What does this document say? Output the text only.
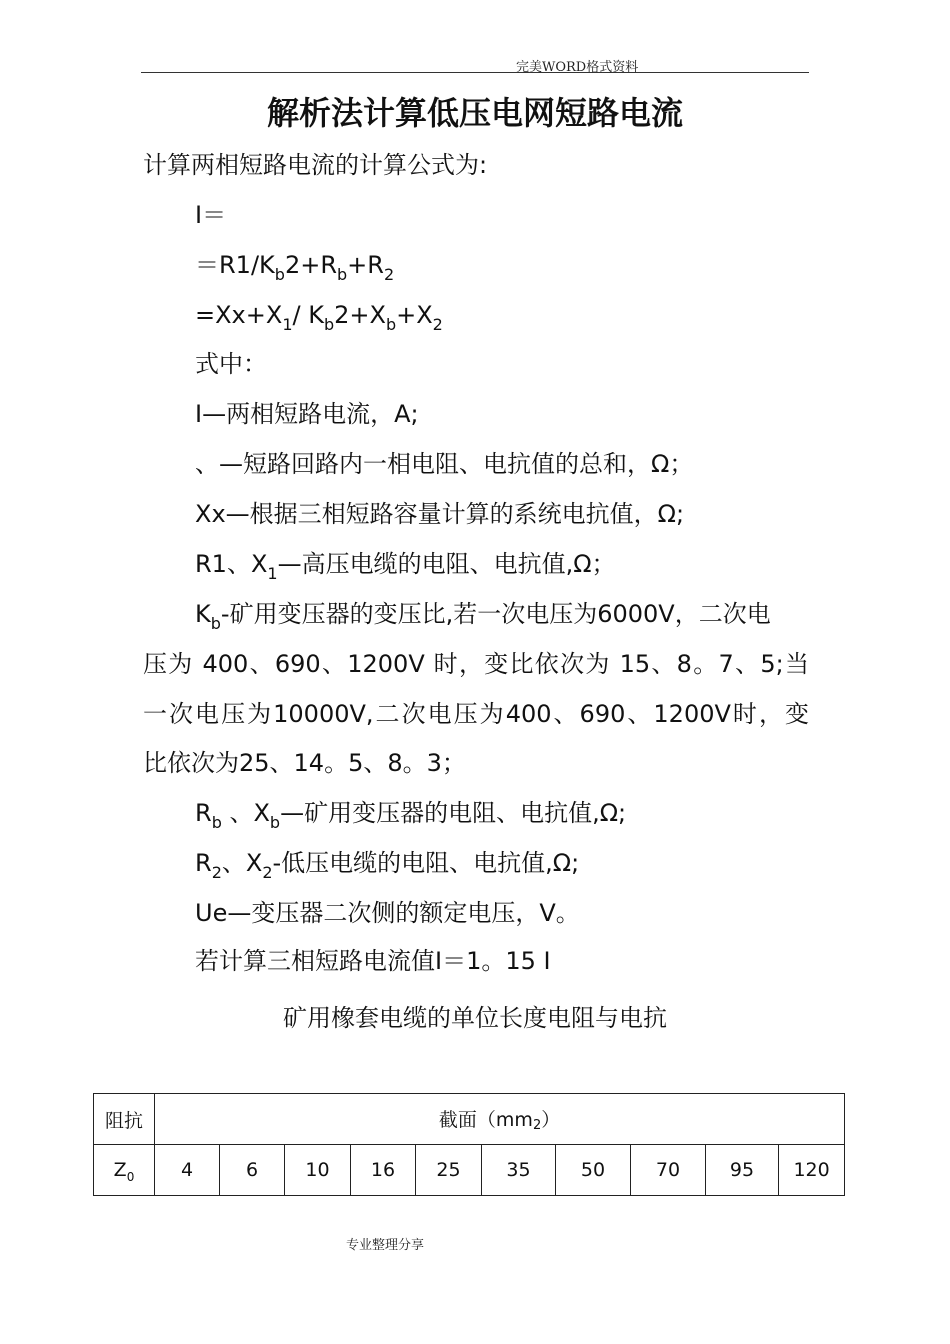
完美WORD格式资料
解析法计算低压电网短路电流
计算两相短路电流的计算公式为:
I＝
$=R1/K_b2+R_b+R_2$
$=Xx+X_1/$ $K_b2+X_b+X_2$
式中：
I—两相短路电流，A;
、—短路回路内一相电阻、电抗值的总和，Ω；
Xx—根据三相短路容量计算的系统电抗值，Ω;
R1、$X_1—$高压电缆的电阻、电抗值,Ω；
$K_b-$矿用变压器的变压比,若一次电压为6000V，二次电
压为 400、690、1200V 时，变比依次为 15、8。7、5;当
一次电压为10000V,二次电压为400、690、1200V时，变
比依次为25、14。5、8。3；
$R_b$ 、$X_b—$矿用变压器的电阻、电抗值,Ω;
$R_2$、$X_2-$低压电缆的电阻、电抗值,Ω;
Ue—变压器二次侧的额定电压，V。
若计算三相短路电流值I＝1。15 I
矿用橡套电缆的单位长度电阻与电抗
阻抗	截面（mm2）									
$Z_0$	4	6	10	16	25	35	50	70	95	120
专业整理分享
